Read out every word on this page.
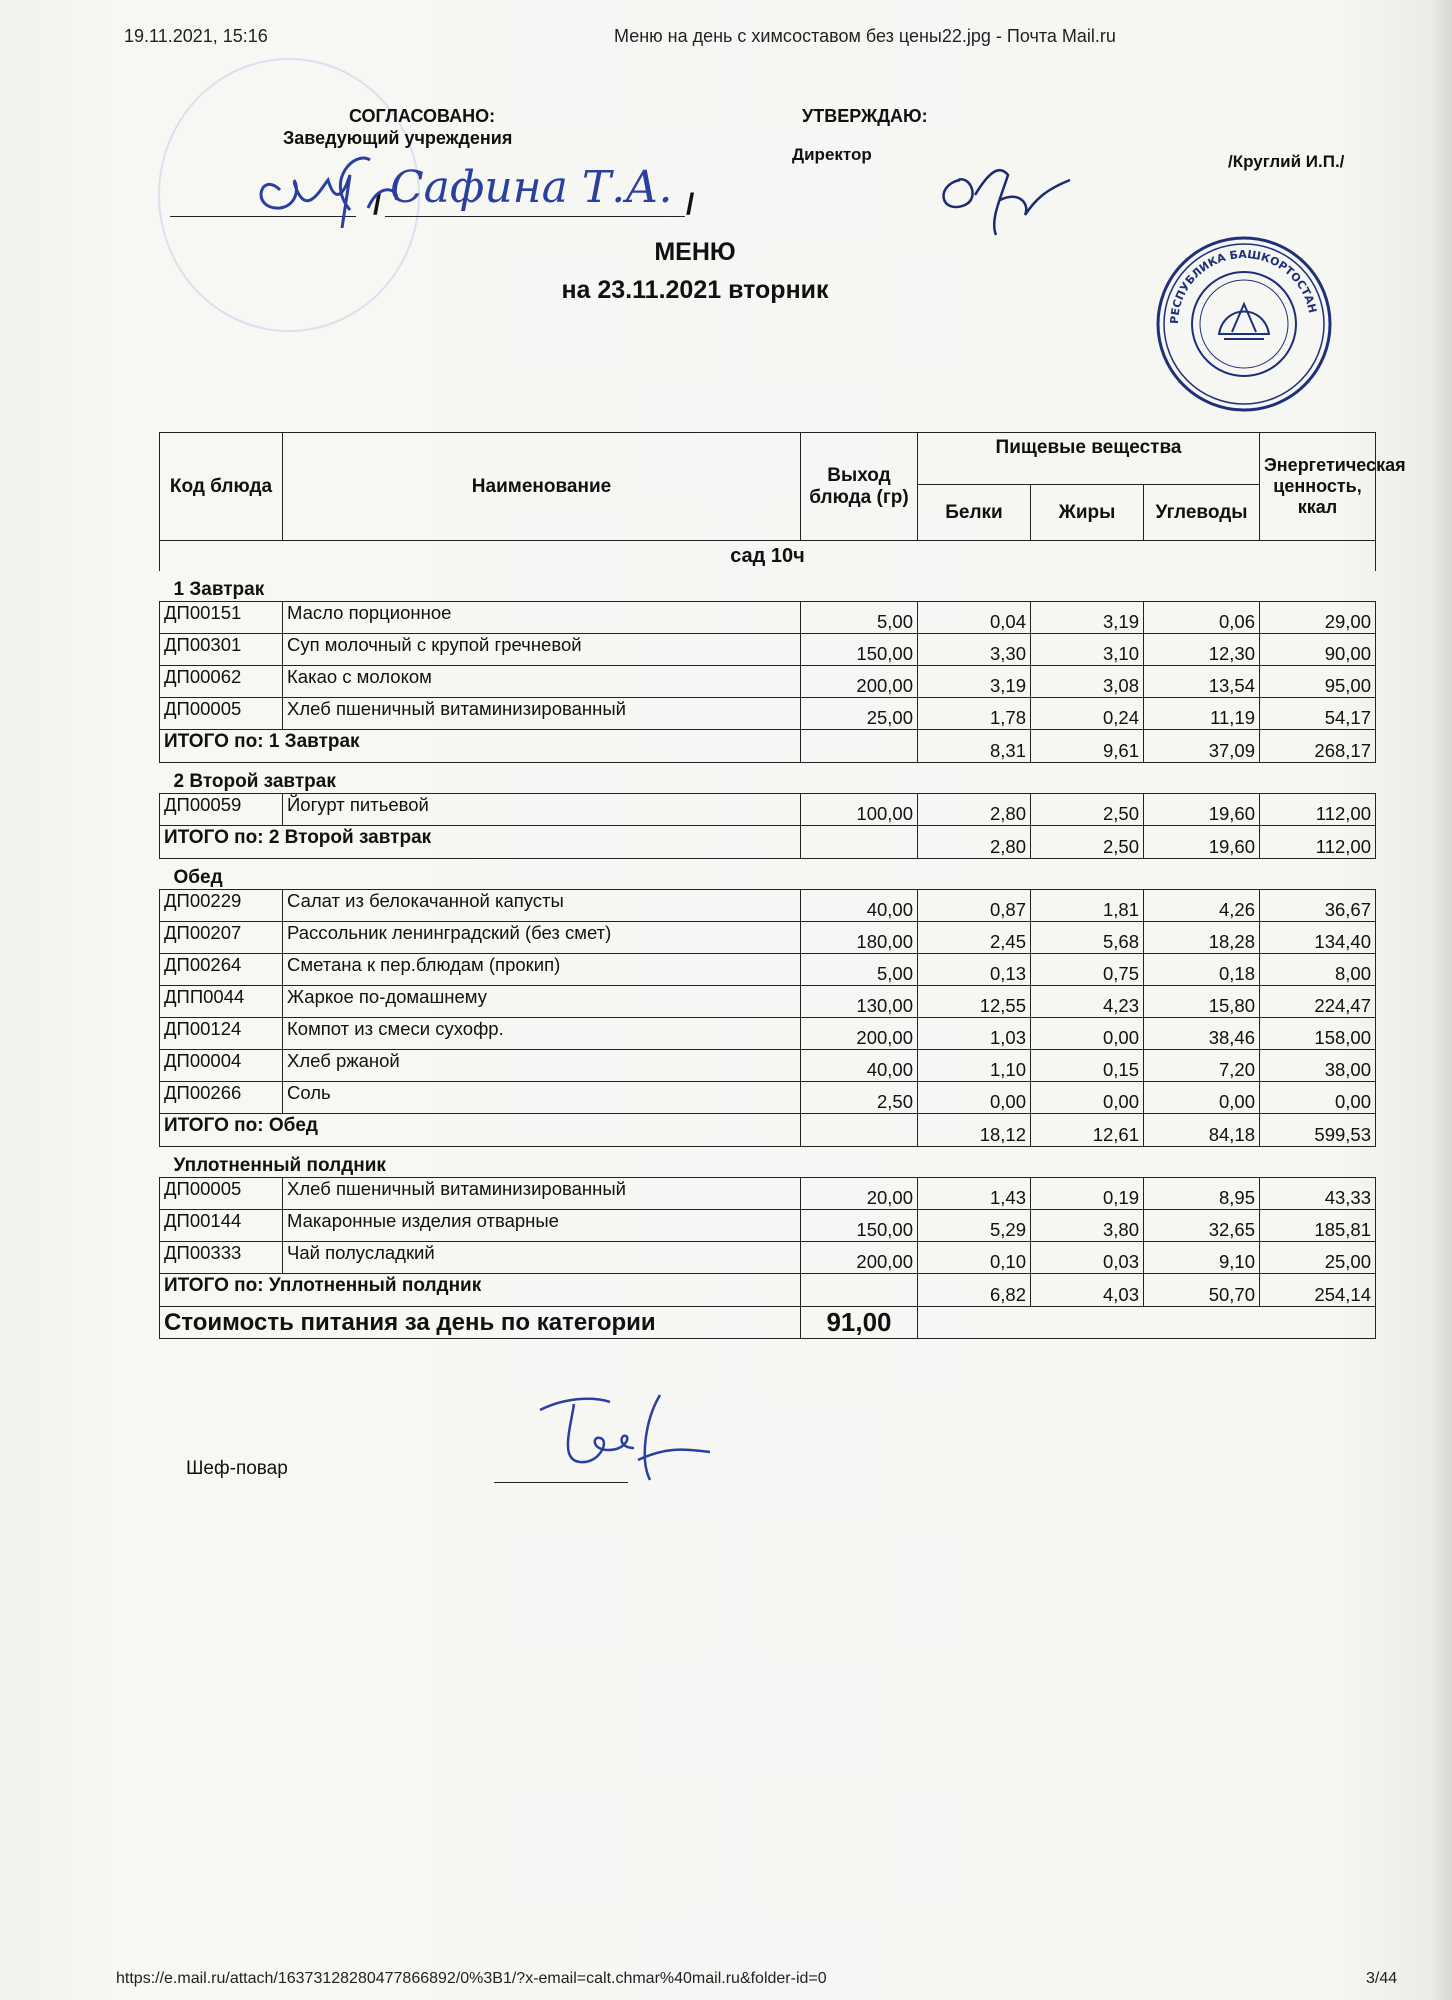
19.11.2021, 15:16	Меню на день с химсоставом без цены22.jpg - Почта Mail.ru
СОГЛАСОВАНО:
Заведующий учреждения
/	/
Сафина Т.А.
УТВЕРЖДАЮ:
Директор	/Круглий И.П./
РЕСПУБЛИКА БАШКОРТОСТАН
МЕНЮ
на 23.11.2021 вторник
Код блюда	Наименование	Выход блюда (гр)	Пищевые вещества			Энергетическая ценность, ккал
			Белки	Жиры	Углеводы	
сад 10ч						
1 Завтрак						
ДП00151	Масло порционное	5,00	0,04	3,19	0,06	29,00
ДП00301	Суп молочный с крупой гречневой	150,00	3,30	3,10	12,30	90,00
ДП00062	Какао с молоком	200,00	3,19	3,08	13,54	95,00
ДП00005	Хлеб пшеничный витаминизированный	25,00	1,78	0,24	11,19	54,17
ИТОГО по: 1 Завтрак			8,31	9,61	37,09	268,17
2 Второй завтрак						
ДП00059	Йогурт питьевой	100,00	2,80	2,50	19,60	112,00
ИТОГО по: 2 Второй завтрак			2,80	2,50	19,60	112,00
Обед						
ДП00229	Салат из белокачанной капусты	40,00	0,87	1,81	4,26	36,67
ДП00207	Рассольник ленинградский (без смет)	180,00	2,45	5,68	18,28	134,40
ДП00264	Сметана к пер.блюдам (прокип)	5,00	0,13	0,75	0,18	8,00
ДПП0044	Жаркое по-домашнему	130,00	12,55	4,23	15,80	224,47
ДП00124	Компот из смеси сухофр.	200,00	1,03	0,00	38,46	158,00
ДП00004	Хлеб ржаной	40,00	1,10	0,15	7,20	38,00
ДП00266	Соль	2,50	0,00	0,00	0,00	0,00
ИТОГО по: Обед			18,12	12,61	84,18	599,53
Уплотненный полдник						
ДП00005	Хлеб пшеничный витаминизированный	20,00	1,43	0,19	8,95	43,33
ДП00144	Макаронные изделия отварные	150,00	5,29	3,80	32,65	185,81
ДП00333	Чай полусладкий	200,00	0,10	0,03	9,10	25,00
ИТОГО по: Уплотненный полдник			6,82	4,03	50,70	254,14
Стоимость питания за день по категории		91,00				
Шеф-повар
https://e.mail.ru/attach/16373128280477866892/0%3B1/?x-email=calt.chmar%40mail.ru&folder-id=0	3/44
